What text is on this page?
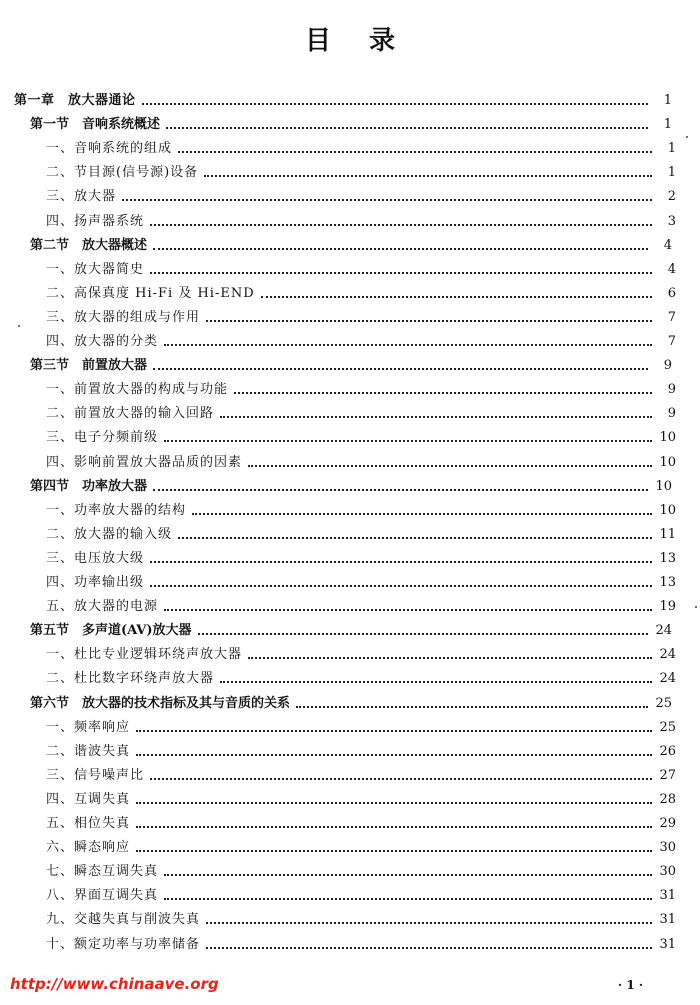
目 录
第一章　放大器通论	1
第一节　音响系统概述	1
一、音响系统的组成	1
二、节目源(信号源)设备	1
三、放大器	2
四、扬声器系统	3
第二节　放大器概述	4
一、放大器简史	4
二、高保真度 Hi-Fi 及 Hi-END	6
三、放大器的组成与作用	7
四、放大器的分类	7
第三节　前置放大器	9
一、前置放大器的构成与功能	9
二、前置放大器的输入回路	9
三、电子分频前级	10
四、影响前置放大器品质的因素	10
第四节　功率放大器	10
一、功率放大器的结构	10
二、放大器的输入级	11
三、电压放大级	13
四、功率输出级	13
五、放大器的电源	19
第五节　多声道(AV)放大器	24
一、杜比专业逻辑环绕声放大器	24
二、杜比数字环绕声放大器	24
第六节　放大器的技术指标及其与音质的关系	25
一、频率响应	25
二、谐波失真	26
三、信号噪声比	27
四、互调失真	28
五、相位失真	29
六、瞬态响应	30
七、瞬态互调失真	30
八、界面互调失真	31
九、交越失真与削波失真	31
十、额定功率与功率储备	31
http://www.chinaave.org	· 1 ·
